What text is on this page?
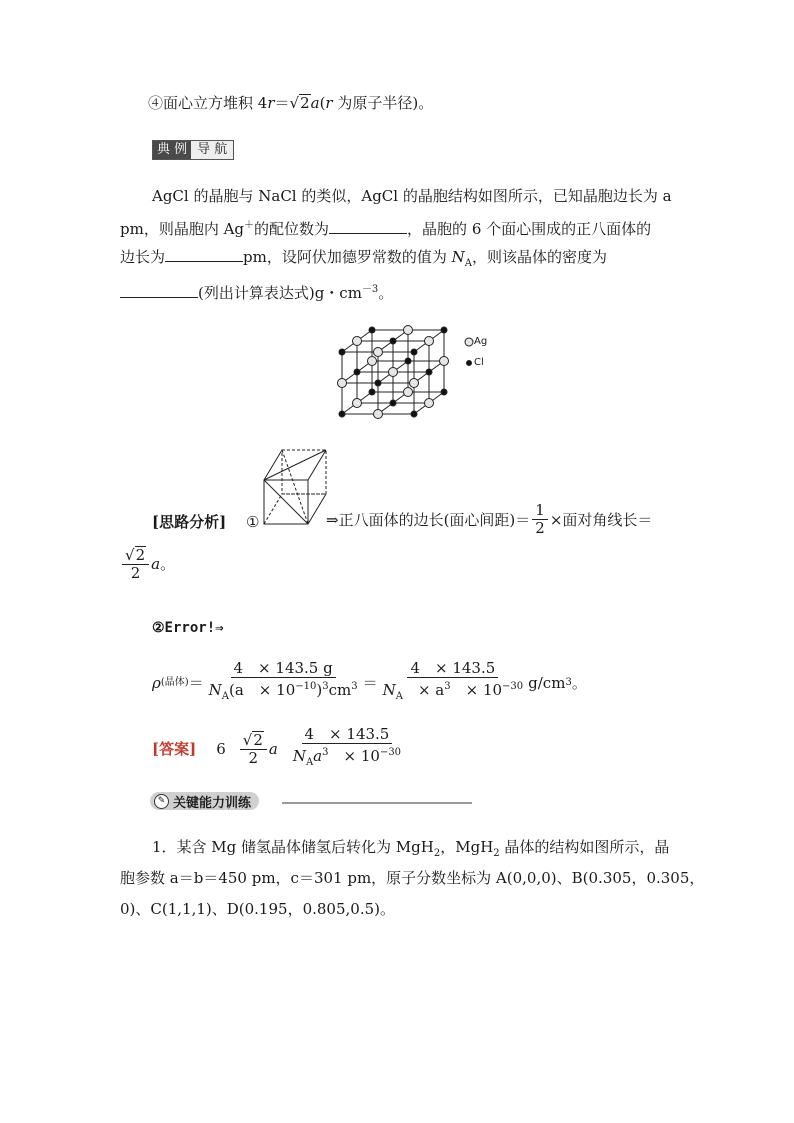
④面心立方堆积 4r＝√2a(r 为原子半径)。
典 例 导 航
AgCl 的晶胞与 NaCl 的类似，AgCl 的晶胞结构如图所示，已知晶胞边长为 a
pm，则晶胞内 Ag＋的配位数为	，晶胞的 6 个面心围成的正八面体的
边长为	pm，设阿伏加德罗常数的值为 $N_A$，则该晶体的密度为
(列出计算表达式)g・$cm^{-3}$。
Ag
Cl
[思路分析] ①	⇒正八面体的边长(面心间距)＝ $\frac{1}{2}$ ×面对角线长＝
$\frac{√2}{2}$ a 。
②Error!⇒
ρ (晶体) ＝ $\frac{4 \times 143.5 g}{N_A(a \times 10^{-10})^3cm^3} = \frac{4 \times 143.5}{N_A \times a^3 \times 10^{-30}} g/cm$ 3 。
[答案] $6 \frac{√2}{2}$ a $\frac{4 \times 143.5}{N_Aa^3 \times 10^{-30}}$
✎ 关键能力训练
1．某含 Mg 储氢晶体储氢后转化为 MgH$_2$，MgH$_2$ 晶体的结构如图所示，晶
胞参数 a＝b＝450 pm，c＝301 pm，原子分数坐标为 A(0,0,0)、B(0.305，0.305，
0)、C(1,1,1)、D(0.195，0.805,0.5)。
